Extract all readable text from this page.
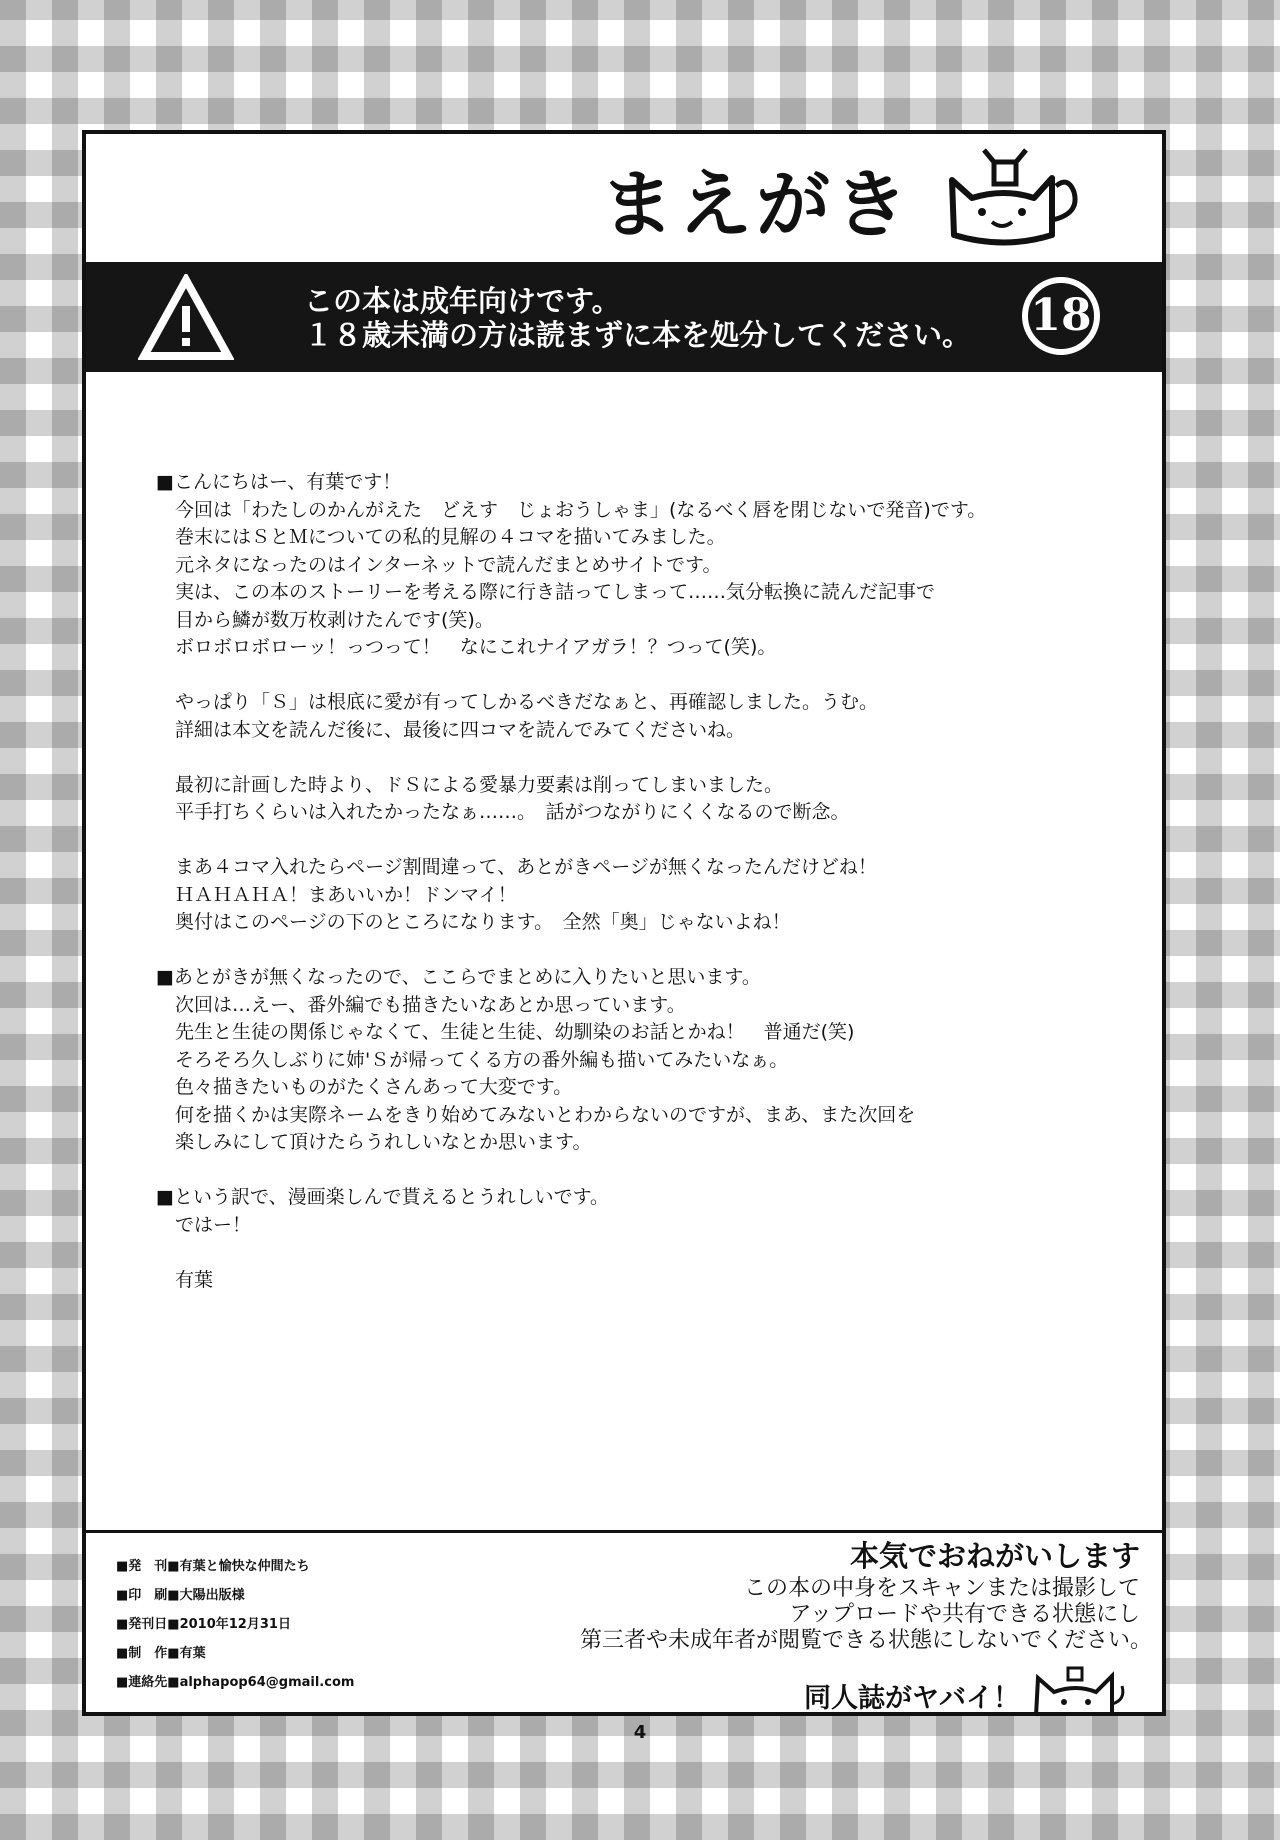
まえがき
この本は成年向けです。
１８歳未満の方は読まずに本を処分してください。 18
■こんにちはー、有葉です！
今回は「わたしのかんがえた　どえす　じょおうしゃま」(なるべく唇を閉じないで発音)です。
巻末にはＳとＭについての私的見解の４コマを描いてみました。
元ネタになったのはインターネットで読んだまとめサイトです。
実は、この本のストーリーを考える際に行き詰ってしまって……気分転換に読んだ記事で
目から鱗が数万枚剥けたんです(笑)。
ボロボロボローッ！っつって！　なにこれナイアガラ！？つって(笑)。
やっぱり「Ｓ」は根底に愛が有ってしかるべきだなぁと、再確認しました。うむ。
詳細は本文を読んだ後に、最後に四コマを読んでみてくださいね。
最初に計画した時より、ドＳによる愛暴力要素は削ってしまいました。
平手打ちくらいは入れたかったなぁ……。　話がつながりにくくなるので断念。
まあ４コマ入れたらページ割間違って、あとがきページが無くなったんだけどね！
ＨＡＨＡＨＡ！まあいいか！ドンマイ！
奥付はこのページの下のところになります。　全然「奥」じゃないよね！
■あとがきが無くなったので、ここらでまとめに入りたいと思います。
次回は…えー、番外編でも描きたいなあとか思っています。
先生と生徒の関係じゃなくて、生徒と生徒、幼馴染のお話とかね！　普通だ(笑)
そろそろ久しぶりに姉'Ｓが帰ってくる方の番外編も描いてみたいなぁ。
色々描きたいものがたくさんあって大変です。
何を描くかは実際ネームをきり始めてみないとわからないのですが、まあ、また次回を
楽しみにして頂けたらうれしいなとか思います。
■という訳で、漫画楽しんで貰えるとうれしいです。
ではー！
有葉
■発　刊■有葉と愉快な仲間たち
■印　刷■大陽出版様
■発刊日■2010年12月31日
■制　作■有葉
■連絡先■alphapop64@gmail.com
本気でおねがいします
この本の中身をスキャンまたは撮影して
アップロードや共有できる状態にし
第三者や未成年者が閲覧できる状態にしないでください。
同人誌がヤバイ！
4
